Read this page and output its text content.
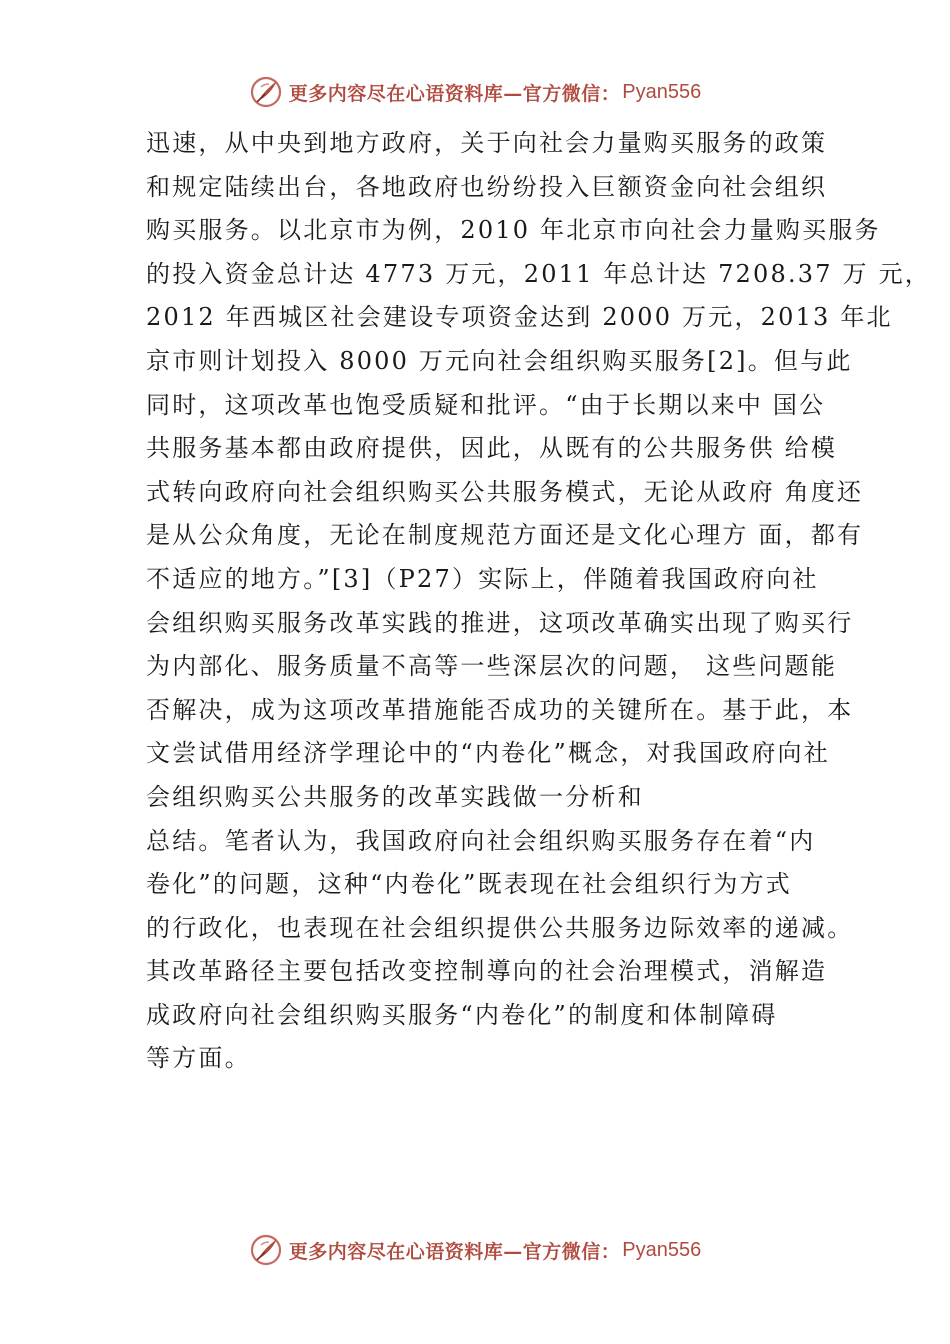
更多内容尽在心语资料库—官方微信： Pyan556
迅速，从中央到地方政府，关于向社会力量购买服务的政策
和规定陆续出台，各地政府也纷纷投入巨额资金向社会组织
购买服务。以北京市为例，2010 年北京市向社会力量购买服务
的投入资金总计达 4773 万元，2011 年总计达 7208.37 万 元，
2012 年西城区社会建设专项资金达到 2000 万元，2013 年北
京市则计划投入 8000 万元向社会组织购买服务[2]。但与此
同时，这项改革也饱受质疑和批评。“由于长期以来中 国公
共服务基本都由政府提供，因此，从既有的公共服务供 给模
式转向政府向社会组织购买公共服务模式，无论从政府 角度还
是从公众角度，无论在制度规范方面还是文化心理方 面，都有
不适应的地方。”[3]（P27）实际上，伴随着我国政府向社
会组织购买服务改革实践的推进，这项改革确实出现了购买行
为内部化、服务质量不高等一些深层次的问题， 这些问题能
否解决，成为这项改革措施能否成功的关键所在。基于此，本
文尝试借用经济学理论中的“内卷化”概念，对我国政府向社
会组织购买公共服务的改革实践做一分析和
总结。笔者认为，我国政府向社会组织购买服务存在着“内
卷化”的问题，这种“内卷化”既表现在社会组织行为方式
的行政化，也表现在社会组织提供公共服务边际效率的递减。
其改革路径主要包括改变控制導向的社会治理模式，消解造
成政府向社会组织购买服务“内卷化”的制度和体制障碍
等方面。
更多内容尽在心语资料库—官方微信： Pyan556
